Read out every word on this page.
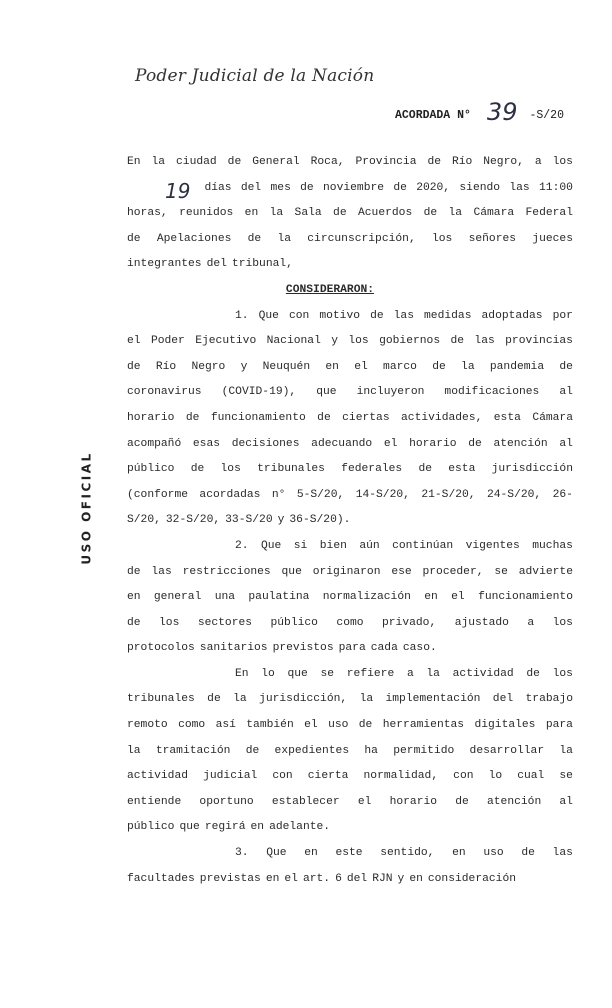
Poder Judicial de la Nación
ACORDADA N° 39 -S/20
USO OFICIAL
En la ciudad de General Roca, Provincia de Río Negro, a los
19 días del mes de noviembre de 2020, siendo las 11:00
horas, reunidos en la Sala de Acuerdos de la Cámara Federal
de Apelaciones de la circunscripción, los señores jueces
integrantes del tribunal,
CONSIDERARON:
1. Que con motivo de las medidas adoptadas por
el Poder Ejecutivo Nacional y los gobiernos de las provincias
de Río Negro y Neuquén en el marco de la pandemia de
coronavirus (COVID-19), que incluyeron modificaciones al
horario de funcionamiento de ciertas actividades, esta Cámara
acompañó esas decisiones adecuando el horario de atención al
público de los tribunales federales de esta jurisdicción
(conforme acordadas n° 5-S/20, 14-S/20, 21-S/20, 24-S/20, 26-
S/20, 32-S/20, 33-S/20 y 36-S/20).
2. Que si bien aún continúan vigentes muchas
de las restricciones que originaron ese proceder, se advierte
en general una paulatina normalización en el funcionamiento
de los sectores público como privado, ajustado a los
protocolos sanitarios previstos para cada caso.
En lo que se refiere a la actividad de los
tribunales de la jurisdicción, la implementación del trabajo
remoto como así también el uso de herramientas digitales para
la tramitación de expedientes ha permitido desarrollar la
actividad judicial con cierta normalidad, con lo cual se
entiende oportuno establecer el horario de atención al
público que regirá en adelante.
3. Que en este sentido, en uso de las
facultades previstas en el art. 6 del RJN y en consideración
